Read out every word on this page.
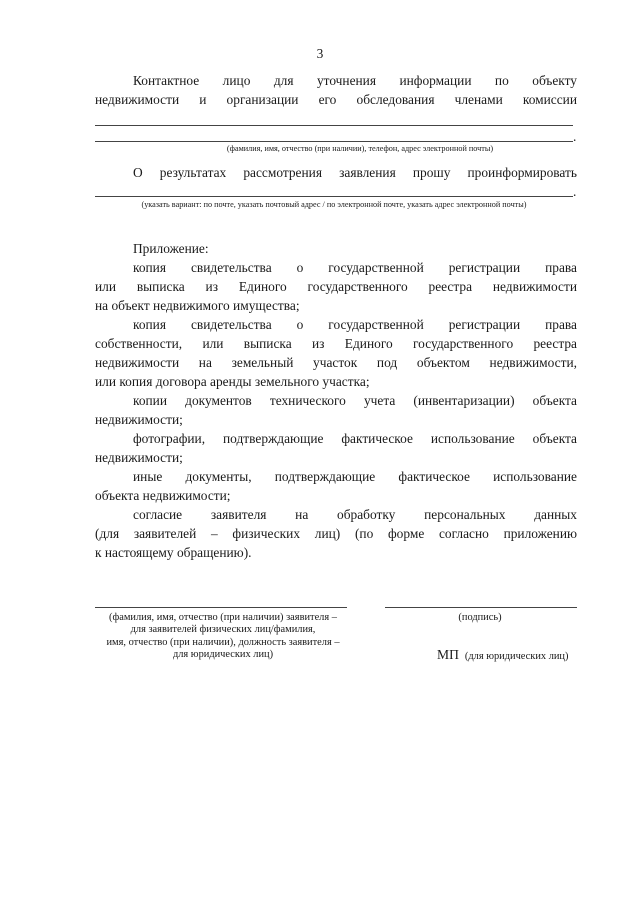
3
Контактное лицо для уточнения информации по объекту
недвижимости и организации его обследования членами комиссии
.
(фамилия, имя, отчество (при наличии), телефон, адрес электронной почты)
О результатах рассмотрения заявления прошу проинформировать
.
(указать вариант: по почте, указать почтовый адрес / по электронной почте, указать адрес электронной почты)
Приложение:
копия свидетельства о государственной регистрации права
или выписка из Единого государственного реестра недвижимости
на объект недвижимого имущества;
копия свидетельства о государственной регистрации права
собственности, или выписка из Единого государственного реестра
недвижимости на земельный участок под объектом недвижимости,
или копия договора аренды земельного участка;
копии документов технического учета (инвентаризации) объекта
недвижимости;
фотографии, подтверждающие фактическое использование объекта
недвижимости;
иные документы, подтверждающие фактическое использование
объекта недвижимости;
согласие заявителя на обработку персональных данных
(для заявителей – физических лиц) (по форме согласно приложению
к настоящему обращению).
(фамилия, имя, отчество (при наличии) заявителя –
для заявителей физических лиц/фамилия,
имя, отчество (при наличии), должность заявителя –
для юридических лиц)
(подпись)
МП (для юридических лиц)
